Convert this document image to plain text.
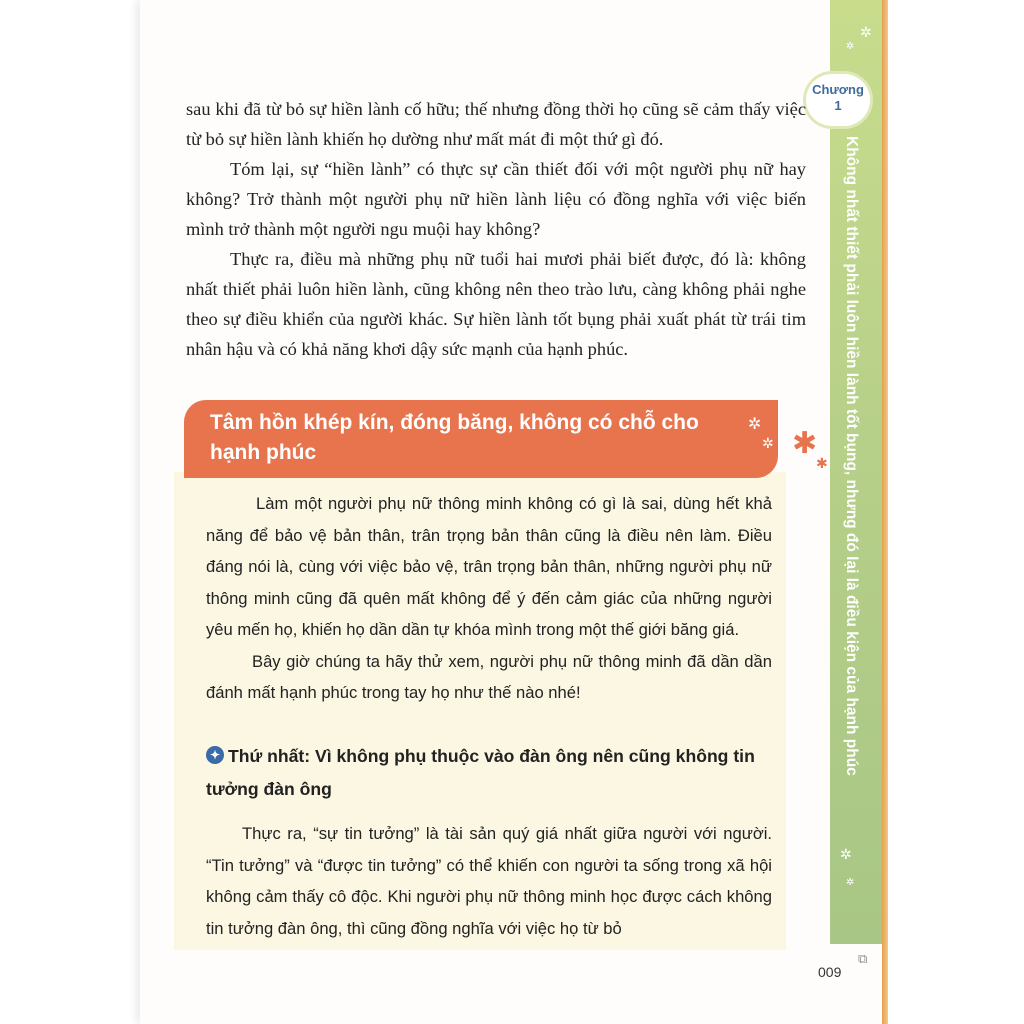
✲
✲
✲
✲
Chương
1
Không nhất thiết phải luôn hiền lành tốt bụng, nhưng đó lại là điều kiện của hạnh phúc

sau khi đã từ bỏ sự hiền lành cố hữu; thế nhưng đồng thời họ cũng sẽ cảm thấy việc từ bỏ sự hiền lành khiến họ dường như mất mát đi một thứ gì đó.

Tóm lại, sự “hiền lành” có thực sự cần thiết đối với một người phụ nữ hay không? Trở thành một người phụ nữ hiền lành liệu có đồng nghĩa với việc biến mình trở thành một người ngu muội hay không?

Thực ra, điều mà những phụ nữ tuổi hai mươi phải biết được, đó là: không nhất thiết phải luôn hiền lành, cũng không nên theo trào lưu, càng không phải nghe theo sự điều khiển của người khác. Sự hiền lành tốt bụng phải xuất phát từ trái tim nhân hậu và có khả năng khơi dậy sức mạnh của hạnh phúc.

Tâm hồn khép kín, đóng băng, không có chỗ cho hạnh phúc
✲
✲ ✱
✱

Làm một người phụ nữ thông minh không có gì là sai, dùng hết khả năng để bảo vệ bản thân, trân trọng bản thân cũng là điều nên làm. Điều đáng nói là, cùng với việc bảo vệ, trân trọng bản thân, những người phụ nữ thông minh cũng đã quên mất không để ý đến cảm giác của những người yêu mến họ, khiến họ dần dần tự khóa mình trong một thế giới băng giá.

Bây giờ chúng ta hãy thử xem, người phụ nữ thông minh đã dần dần đánh mất hạnh phúc trong tay họ như thế nào nhé!

✦ Thứ nhất: Vì không phụ thuộc vào đàn ông nên cũng không tin tưởng đàn ông

Thực ra, “sự tin tưởng” là tài sản quý giá nhất giữa người với người. “Tin tưởng” và “được tin tưởng” có thể khiến con người ta sống trong xã hội không cảm thấy cô độc. Khi người phụ nữ thông minh học được cách không tin tưởng đàn ông, thì cũng đồng nghĩa với việc họ từ bỏ

⧉
009
